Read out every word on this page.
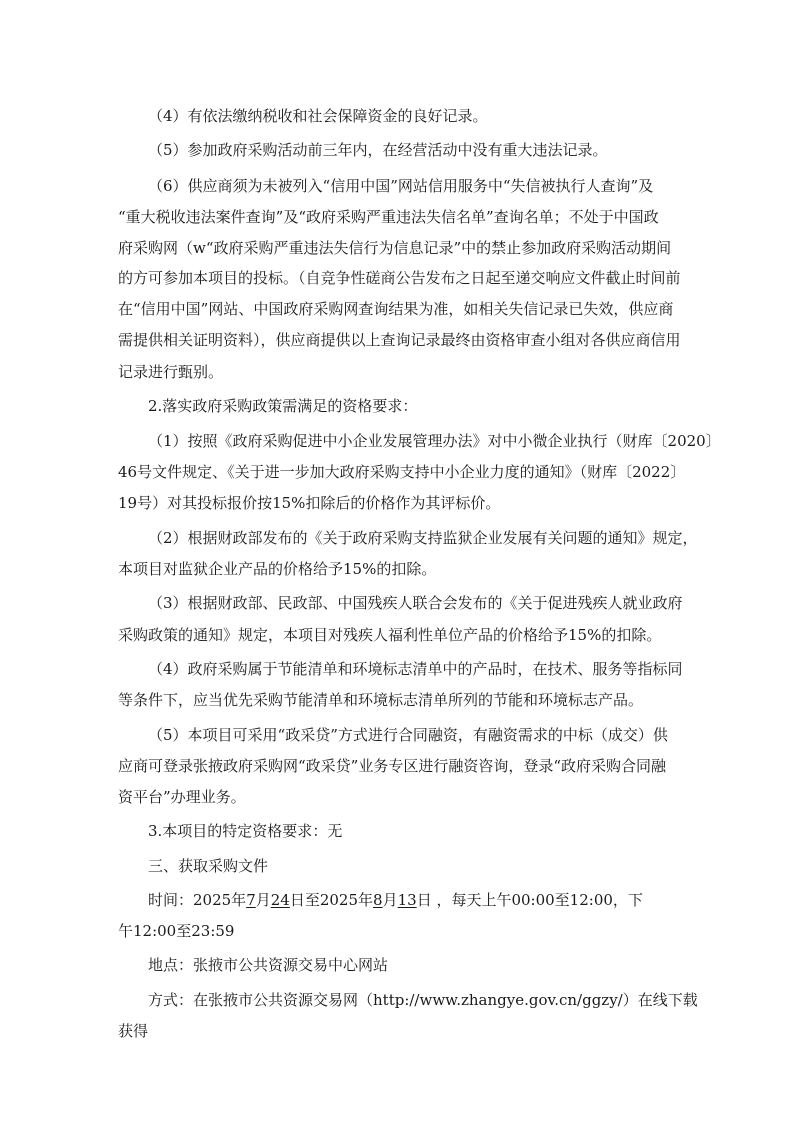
（4）有依法缴纳税收和社会保障资金的良好记录。
（5）参加政府采购活动前三年内，在经营活动中没有重大违法记录。
（6）供应商须为未被列入“信用中国”网站信用服务中“失信被执行人查询”及
“重大税收违法案件查询”及“政府采购严重违法失信名单”查询名单；不处于中国政
府采购网（w“政府采购严重违法失信行为信息记录”中的禁止参加政府采购活动期间
的方可参加本项目的投标。（自竞争性磋商公告发布之日起至递交响应文件截止时间前
在“信用中国”网站、中国政府采购网查询结果为准，如相关失信记录已失效，供应商
需提供相关证明资料），供应商提供以上查询记录最终由资格审查小组对各供应商信用
记录进行甄别。
2.落实政府采购政策需满足的资格要求：
（1）按照《政府采购促进中小企业发展管理办法》对中小微企业执行（财库〔2020〕
46号文件规定、《关于进一步加大政府采购支持中小企业力度的通知》（财库〔2022〕
19号）对其投标报价按15%扣除后的价格作为其评标价。
（2）根据财政部发布的《关于政府采购支持监狱企业发展有关问题的通知》规定，
本项目对监狱企业产品的价格给予15%的扣除。
（3）根据财政部、民政部、中国残疾人联合会发布的《关于促进残疾人就业政府
采购政策的通知》规定，本项目对残疾人福利性单位产品的价格给予15%的扣除。
（4）政府采购属于节能清单和环境标志清单中的产品时，在技术、服务等指标同
等条件下，应当优先采购节能清单和环境标志清单所列的节能和环境标志产品。
（5）本项目可采用“政采贷”方式进行合同融资，有融资需求的中标（成交）供
应商可登录张掖政府采购网“政采贷”业务专区进行融资咨询，登录“政府采购合同融
资平台”办理业务。
3.本项目的特定资格要求：无
三、获取采购文件
时间：2025年7月24日至2025年8月13日 ，每天上午00:00至12:00，下
午12:00至23:59
地点：张掖市公共资源交易中心网站
方式：在张掖市公共资源交易网（http://www.zhangye.gov.cn/ggzy/）在线下载
获得
